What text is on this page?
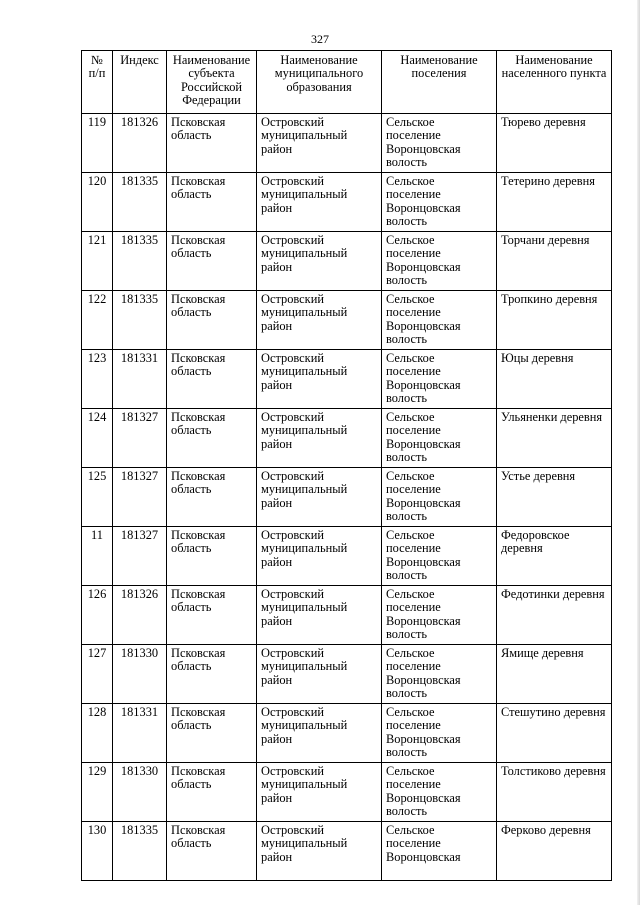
327
№ п/п	Индекс	Наименование субъекта Российской Федерации	Наименование муниципального образования	Наименование поселения	Наименование населенного пункта
119	181326	Псковская область	Островский муниципальный район	Сельское поселение Воронцовская волость	Тюрево деревня
120	181335	Псковская область	Островский муниципальный район	Сельское поселение Воронцовская волость	Тетерино деревня
121	181335	Псковская область	Островский муниципальный район	Сельское поселение Воронцовская волость	Торчани деревня
122	181335	Псковская область	Островский муниципальный район	Сельское поселение Воронцовская волость	Тропкино деревня
123	181331	Псковская область	Островский муниципальный район	Сельское поселение Воронцовская волость	Юцы деревня
124	181327	Псковская область	Островский муниципальный район	Сельское поселение Воронцовская волость	Ульяненки деревня
125	181327	Псковская область	Островский муниципальный район	Сельское поселение Воронцовская волость	Устье деревня
11	181327	Псковская область	Островский муниципальный район	Сельское поселение Воронцовская волость	Федоровское деревня
126	181326	Псковская область	Островский муниципальный район	Сельское поселение Воронцовская волость	Федотинки деревня
127	181330	Псковская область	Островский муниципальный район	Сельское поселение Воронцовская волость	Ямище деревня
128	181331	Псковская область	Островский муниципальный район	Сельское поселение Воронцовская волость	Стешутино деревня
129	181330	Псковская область	Островский муниципальный район	Сельское поселение Воронцовская волость	Толстиково деревня
130	181335	Псковская область	Островский муниципальный район	Сельское поселение Воронцовская	Ферково деревня
